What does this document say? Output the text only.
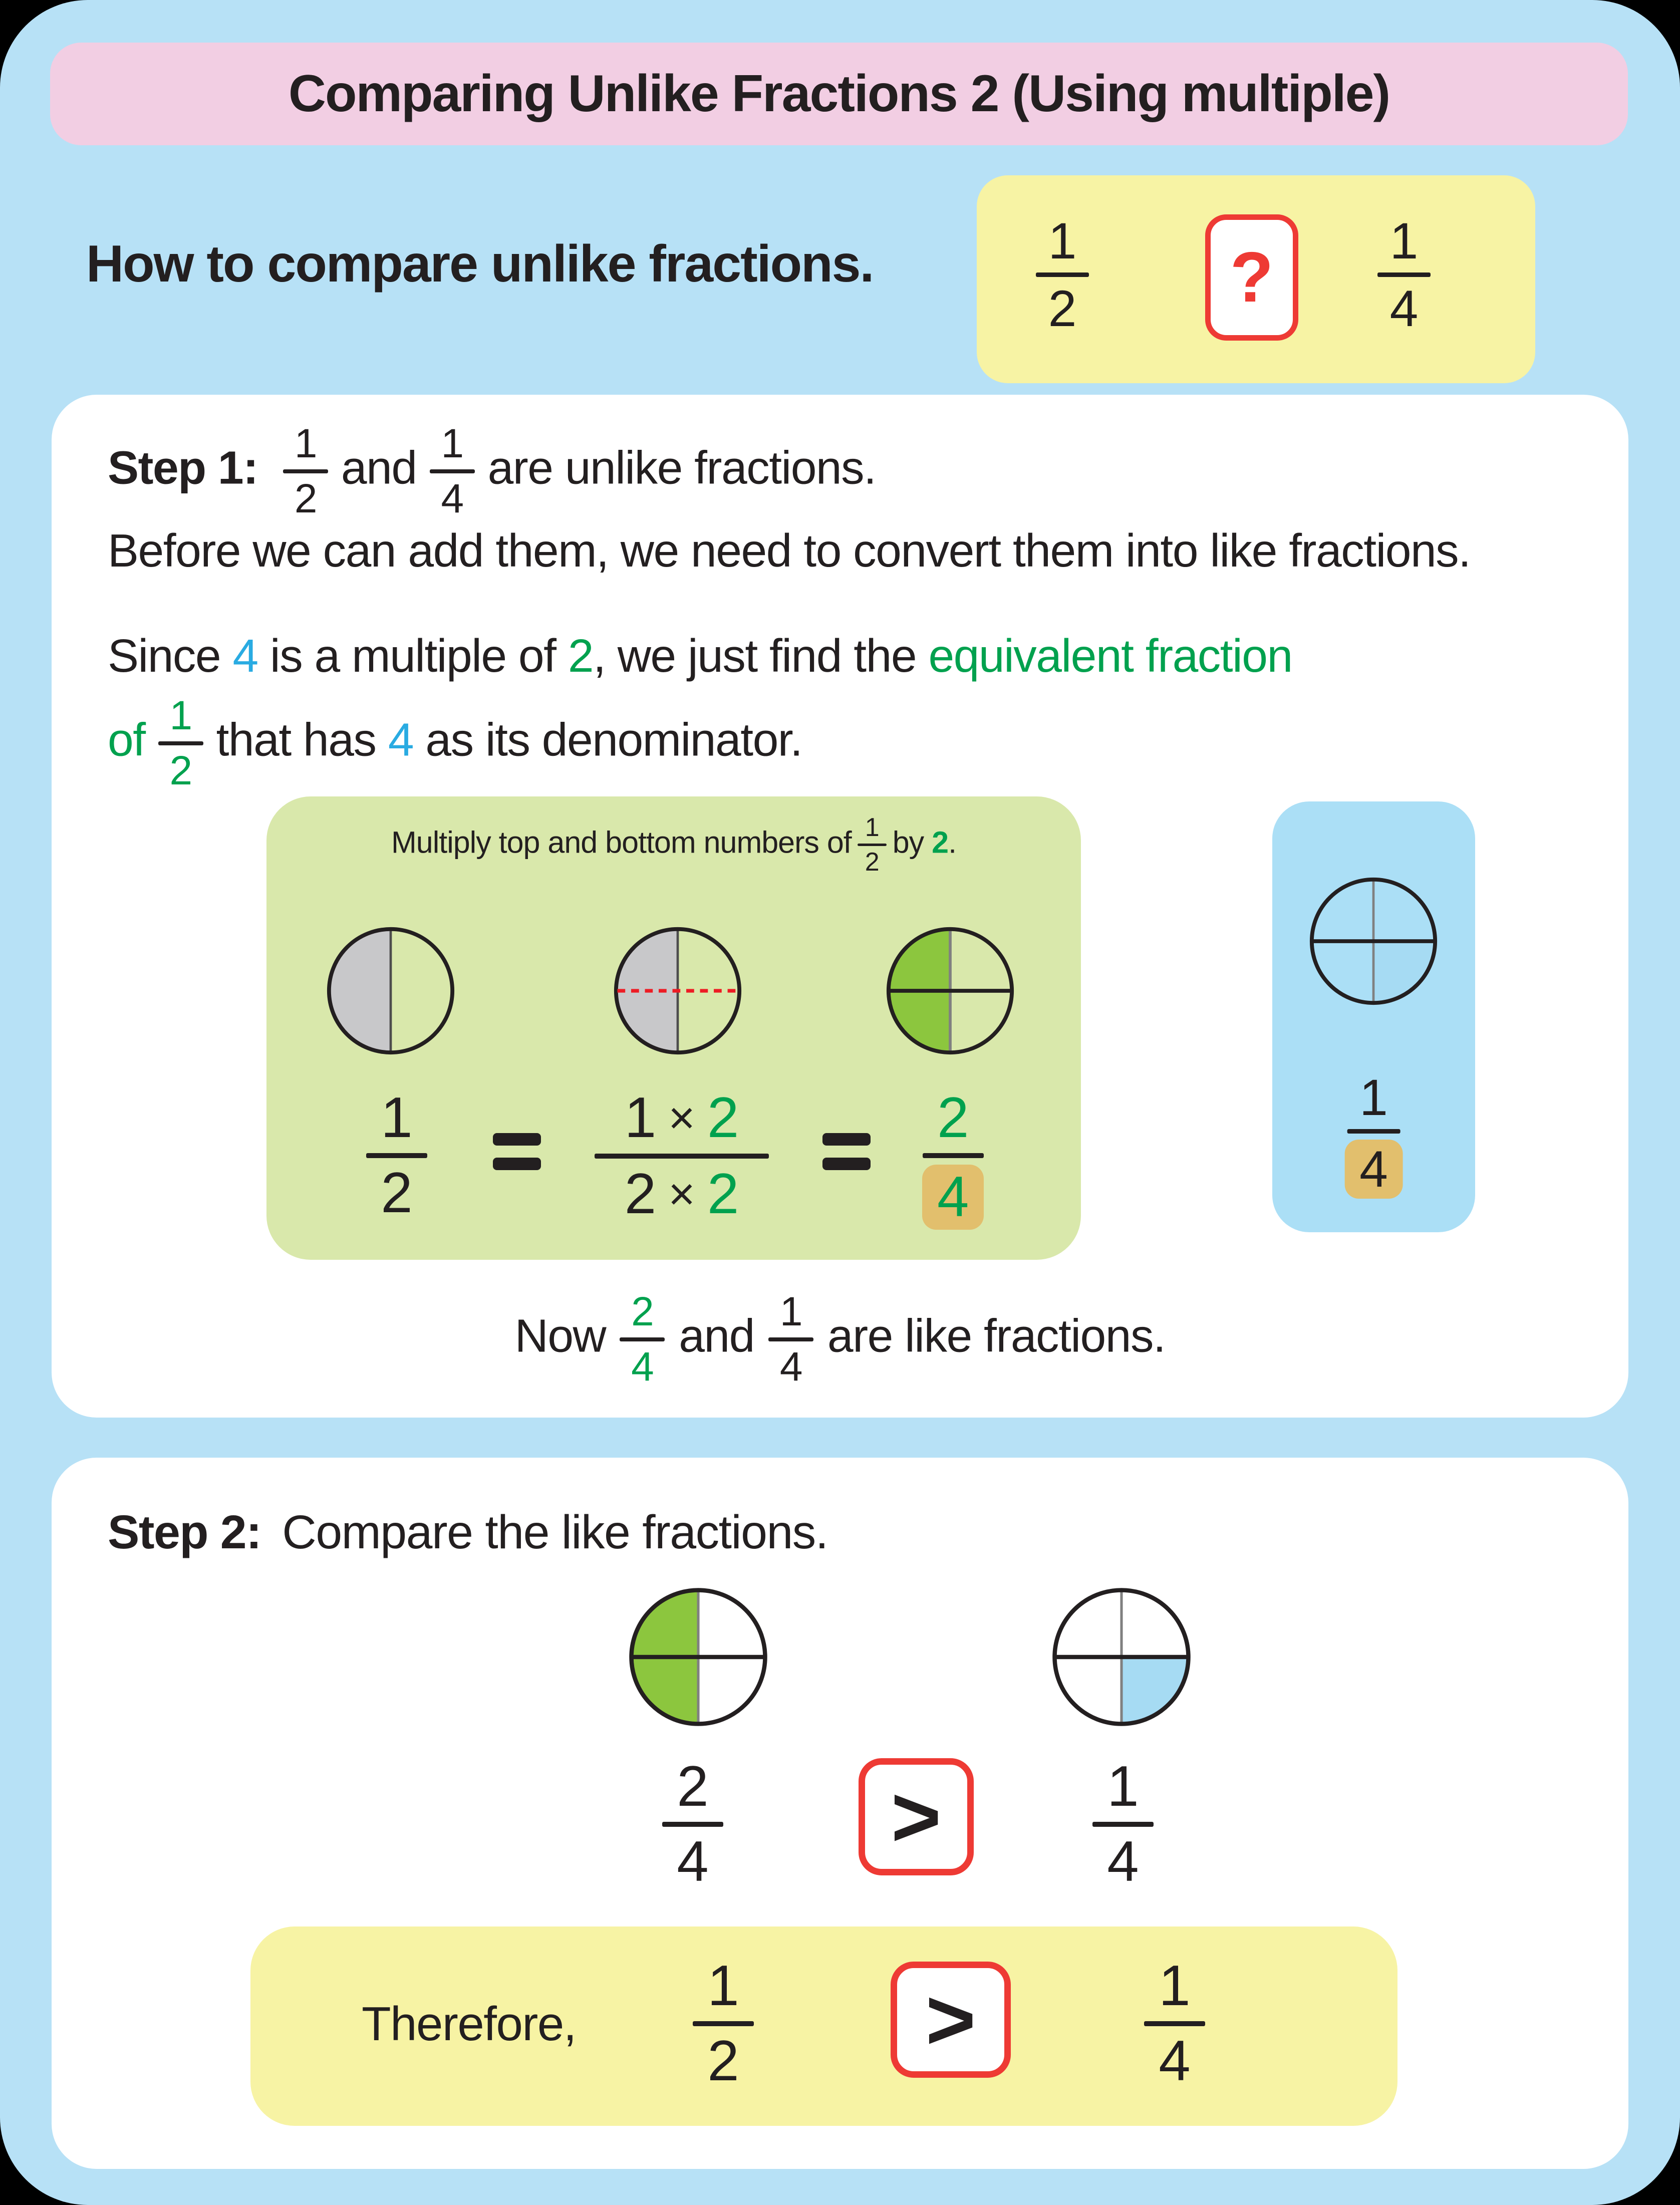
Comparing Unlike Fractions 2 (Using multiple)
How to compare unlike fractions.	1
2 ? 1
4
Step 1: 1
2
and 1
4
are unlike fractions.
Before we can add them, we need to convert them into like fractions.
Since 4 is a multiple of 2, we just find the equivalent fraction
of 1
2
that has 4 as its denominator.
Multiply top and bottom numbers of 1
2
by 2.
1
2
1 × 2
2 × 2
2
4
1
4
Now 2
4
and 1
4
are like fractions.
Step 2: Compare the like fractions.
2
4 >	1
4
Therefore,
1
2 >	1
4
